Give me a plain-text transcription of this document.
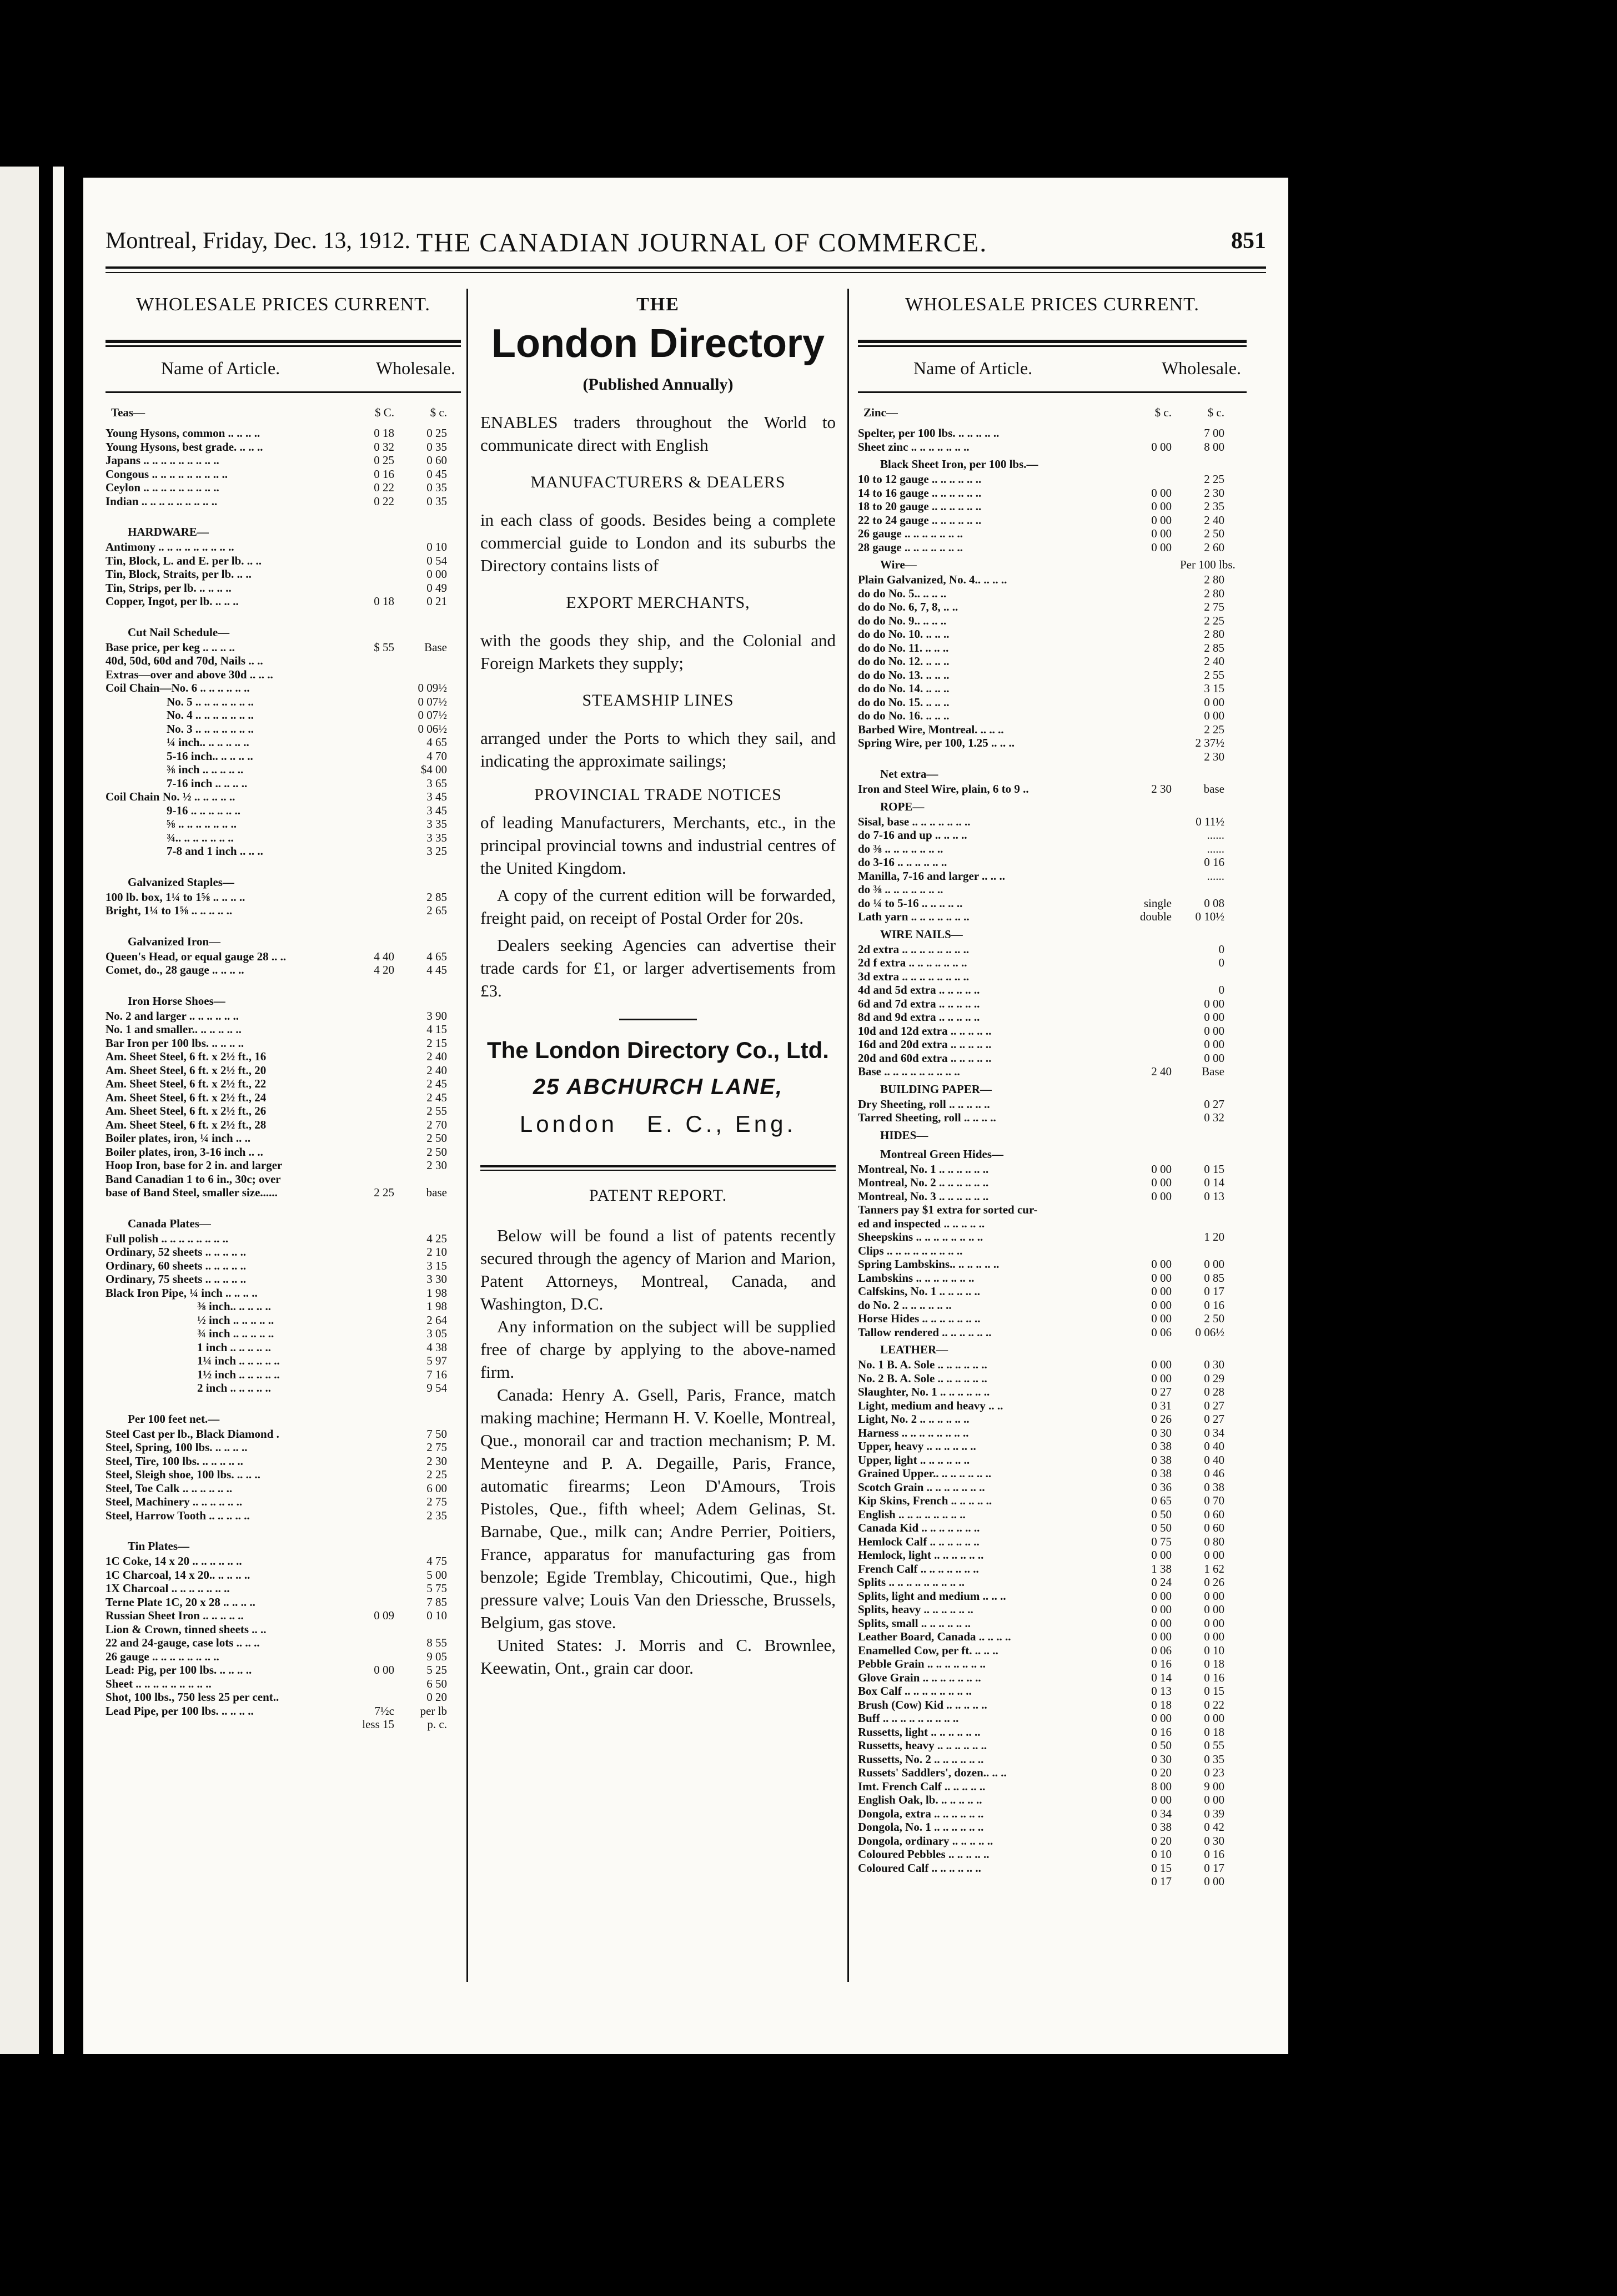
Montreal, Friday, Dec. 13, 1912. THE CANADIAN JOURNAL OF COMMERCE.	851
WHOLESALE PRICES CURRENT.
Name of Article.	Wholesale.
Teas—	$ C.	$ c.
Young Hysons, common .. .. .. ..	0 18	0 25
Young Hysons, best grade. .. .. ..	0 32	0 35
Japans .. .. .. .. .. .. .. .. ..	0 25	0 60
Congous .. .. .. .. .. .. .. .. ..	0 16	0 45
Ceylon .. .. .. .. .. .. .. .. ..	0 22	0 35
Indian .. .. .. .. .. .. .. .. ..	0 22	0 35
HARDWARE—
Antimony .. .. .. .. .. .. .. .. ..	0 10
Tin, Block, L. and E. per lb. .. ..	0 54
Tin, Block, Straits, per lb. .. ..	0 00
Tin, Strips, per lb. .. .. .. ..	0 49
Copper, Ingot, per lb. .. .. ..	0 18	0 21
Cut Nail Schedule—
Base price, per keg .. .. .. ..	$ 55	Base
40d, 50d, 60d and 70d, Nails .. ..
Extras—over and above 30d .. .. ..
Coil Chain—No. 6 .. .. .. .. .. ..	0 09½
No. 5 .. .. .. .. .. .. ..	0 07½
No. 4 .. .. .. .. .. .. ..	0 07½
No. 3 .. .. .. .. .. .. ..	0 06½
¼ inch.. .. .. .. .. ..	4 65
5-16 inch.. .. .. .. ..	4 70
⅜ inch .. .. .. .. ..	$4 00
7-16 inch .. .. .. ..	3 65
Coil Chain No. ½ .. .. .. .. ..	3 45
9-16 .. .. .. .. .. ..	3 45
⅝ .. .. .. .. .. .. ..	3 35
¾.. .. .. .. .. .. ..	3 35
7-8 and 1 inch .. .. ..	3 25
Galvanized Staples—
100 lb. box, 1¼ to 1⅝ .. .. .. ..	2 85
Bright, 1¼ to 1⅝ .. .. .. .. ..	2 65
Galvanized Iron—
Queen's Head, or equal gauge 28 .. ..	4 40	4 65
Comet, do., 28 gauge .. .. .. ..	4 20	4 45
Iron Horse Shoes—
No. 2 and larger .. .. .. .. .. ..	3 90
No. 1 and smaller.. .. .. .. .. ..	4 15
Bar Iron per 100 lbs. .. .. .. ..	2 15
Am. Sheet Steel, 6 ft. x 2½ ft., 16	2 40
Am. Sheet Steel, 6 ft. x 2½ ft., 20	2 40
Am. Sheet Steel, 6 ft. x 2½ ft., 22	2 45
Am. Sheet Steel, 6 ft. x 2½ ft., 24	2 45
Am. Sheet Steel, 6 ft. x 2½ ft., 26	2 55
Am. Sheet Steel, 6 ft. x 2½ ft., 28	2 70
Boiler plates, iron, ¼ inch .. ..	2 50
Boiler plates, iron, 3-16 inch .. ..	2 50
Hoop Iron, base for 2 in. and larger	2 30
Band Canadian 1 to 6 in., 30c; over
base of Band Steel, smaller size......	2 25	base
Canada Plates—
Full polish .. .. .. .. .. .. .. ..	4 25
Ordinary, 52 sheets .. .. .. .. ..	2 10
Ordinary, 60 sheets .. .. .. .. ..	3 15
Ordinary, 75 sheets .. .. .. .. ..	3 30
Black Iron Pipe, ¼ inch .. .. .. ..	1 98
⅜ inch.. .. .. .. ..	1 98
½ inch .. .. .. .. ..	2 64
¾ inch .. .. .. .. ..	3 05
1 inch .. .. .. .. ..	4 38
1¼ inch .. .. .. .. ..	5 97
1½ inch .. .. .. .. ..	7 16
2 inch .. .. .. .. ..	9 54
Per 100 feet net.—
Steel Cast per lb., Black Diamond .	7 50
Steel, Spring, 100 lbs. .. .. .. ..	2 75
Steel, Tire, 100 lbs. .. .. .. .. ..	2 30
Steel, Sleigh shoe, 100 lbs. .. .. ..	2 25
Steel, Toe Calk .. .. .. .. .. ..	6 00
Steel, Machinery .. .. .. .. .. ..	2 75
Steel, Harrow Tooth .. .. .. .. ..	2 35
Tin Plates—
1C Coke, 14 x 20 .. .. .. .. .. ..	4 75
1C Charcoal, 14 x 20.. .. .. .. ..	5 00
1X Charcoal .. .. .. .. .. .. ..	5 75
Terne Plate 1C, 20 x 28 .. .. .. ..	7 85
Russian Sheet Iron .. .. .. .. ..	0 09	0 10
Lion & Crown, tinned sheets .. ..
22 and 24-gauge, case lots .. .. ..	8 55
26 gauge .. .. .. .. .. .. .. ..	9 05
Lead: Pig, per 100 lbs. .. .. .. ..	0 00	5 25
Sheet .. .. .. .. .. .. .. .. ..	6 50
Shot, 100 lbs., 750 less 25 per cent..	0 20
Lead Pipe, per 100 lbs. .. .. .. ..	7½c	per lb
less 15	p. c.
THE
London Directory
(Published Annually)

ENABLES traders throughout the World to communicate direct with English

MANUFACTURERS & DEALERS

in each class of goods. Besides being a complete commercial guide to London and its suburbs the Directory contains lists of

EXPORT MERCHANTS,

with the goods they ship, and the Colonial and Foreign Markets they supply;

STEAMSHIP LINES

arranged under the Ports to which they sail, and indicating the approximate sailings;

PROVINCIAL TRADE NOTICES

of leading Manufacturers, Merchants, etc., in the principal provincial towns and industrial centres of the United Kingdom.

A copy of the current edition will be forwarded, freight paid, on receipt of Postal Order for 20s.

Dealers seeking Agencies can advertise their trade cards for £1, or larger advertisements from £3.

The London Directory Co., Ltd.
25 ABCHURCH LANE,
London   E. C., Eng.
PATENT REPORT.

Below will be found a list of patents recently secured through the agency of Marion and Marion, Patent Attorneys, Montreal, Canada, and Washington, D.C.

Any information on the subject will be supplied free of charge by applying to the above-named firm.

Canada: Henry A. Gsell, Paris, France, match making machine; Hermann H. V. Koelle, Montreal, Que., monorail car and traction mechanism; P. M. Menteyne and P. A. Degaille, Paris, France, automatic firearms; Leon D'Amours, Trois Pistoles, Que., fifth wheel; Adem Gelinas, St. Barnabe, Que., milk can; Andre Perrier, Poitiers, France, apparatus for manufacturing gas from benzole; Egide Tremblay, Chicoutimi, Que., high pressure valve; Louis Van den Driessche, Brussels, Belgium, gas stove.

United States: J. Morris and C. Brownlee, Keewatin, Ont., grain car door.

WHOLESALE PRICES CURRENT.
Name of Article.	Wholesale.
Zinc—	$ c.	$ c.
Spelter, per 100 lbs. .. .. .. .. ..	7 00
Sheet zinc .. .. .. .. .. .. ..	0 00	8 00
Black Sheet Iron, per 100 lbs.—
10 to 12 gauge .. .. .. .. .. ..	2 25
14 to 16 gauge .. .. .. .. .. ..	0 00	2 30
18 to 20 gauge .. .. .. .. .. ..	0 00	2 35
22 to 24 gauge .. .. .. .. .. ..	0 00	2 40
26 gauge .. .. .. .. .. .. ..	0 00	2 50
28 gauge .. .. .. .. .. .. ..	0 00	2 60
Wire—	Per 100 lbs.
Plain Galvanized, No. 4.. .. .. ..	2 80
do do No. 5.. .. .. ..	2 80
do do No. 6, 7, 8, .. ..	2 75
do do No. 9.. .. .. ..	2 25
do do No. 10. .. .. ..	2 80
do do No. 11. .. .. ..	2 85
do do No. 12. .. .. ..	2 40
do do No. 13. .. .. ..	2 55
do do No. 14. .. .. ..	3 15
do do No. 15. .. .. ..	0 00
do do No. 16. .. .. ..	0 00
Barbed Wire, Montreal. .. .. ..	2 25
Spring Wire, per 100, 1.25 .. .. ..	2 37½
2 30
Net extra—
Iron and Steel Wire, plain, 6 to 9 ..	2 30	base
ROPE—
Sisal, base .. .. .. .. .. .. ..	0 11½
do 7-16 and up .. .. .. ..	......
do ⅜ .. .. .. .. .. .. ..	......
do 3-16 .. .. .. .. .. ..	0 16
Manilla, 7-16 and larger .. .. ..	......
do ⅜ .. .. .. .. .. .. ..
do ¼ to 5-16 .. .. .. .. ..	single	0 08
Lath yarn .. .. .. .. .. .. ..	double	0 10½
WIRE NAILS—
2d extra .. .. .. .. .. .. .. ..	0
2d f extra .. .. .. .. .. .. ..	0
3d extra .. .. .. .. .. .. .. ..
4d and 5d extra .. .. .. .. ..	0
6d and 7d extra .. .. .. .. ..	0 00
8d and 9d extra .. .. .. .. ..	0 00
10d and 12d extra .. .. .. .. ..	0 00
16d and 20d extra .. .. .. .. ..	0 00
20d and 60d extra .. .. .. .. ..	0 00
Base .. .. .. .. .. .. .. .. ..	2 40	Base
BUILDING PAPER—
Dry Sheeting, roll .. .. .. .. ..	0 27
Tarred Sheeting, roll .. .. .. ..	0 32
HIDES—
Montreal Green Hides—
Montreal, No. 1 .. .. .. .. .. ..	0 00	0 15
Montreal, No. 2 .. .. .. .. .. ..	0 00	0 14
Montreal, No. 3 .. .. .. .. .. ..	0 00	0 13
Tanners pay $1 extra for sorted cur-
ed and inspected .. .. .. .. ..
Sheepskins .. .. .. .. .. .. .. ..	1 20
Clips .. .. .. .. .. .. .. .. ..
Spring Lambskins.. .. .. .. .. ..	0 00	0 00
Lambskins .. .. .. .. .. .. ..	0 00	0 85
Calfskins, No. 1 .. .. .. .. ..	0 00	0 17
do No. 2 .. .. .. .. .. ..	0 00	0 16
Horse Hides .. .. .. .. .. .. ..	0 00	2 50
Tallow rendered .. .. .. .. .. ..	0 06	0 06½
LEATHER—
No. 1 B. A. Sole .. .. .. .. .. ..	0 00	0 30
No. 2 B. A. Sole .. .. .. .. .. ..	0 00	0 29
Slaughter, No. 1 .. .. .. .. .. ..	0 27	0 28
Light, medium and heavy .. ..	0 31	0 27
Light, No. 2 .. .. .. .. .. ..	0 26	0 27
Harness .. .. .. .. .. .. .. ..	0 30	0 34
Upper, heavy .. .. .. .. .. ..	0 38	0 40
Upper, light .. .. .. .. .. ..	0 38	0 40
Grained Upper.. .. .. .. .. .. ..	0 38	0 46
Scotch Grain .. .. .. .. .. .. ..	0 36	0 38
Kip Skins, French .. .. .. .. ..	0 65	0 70
English .. .. .. .. .. .. .. ..	0 50	0 60
Canada Kid .. .. .. .. .. .. ..	0 50	0 60
Hemlock Calf .. .. .. .. .. ..	0 75	0 80
Hemlock, light .. .. .. .. .. ..	0 00	0 00
French Calf .. .. .. .. .. .. ..	1 38	1 62
Splits .. .. .. .. .. .. .. .. ..	0 24	0 26
Splits, light and medium .. .. ..	0 00	0 00
Splits, heavy .. .. .. .. .. ..	0 00	0 00
Splits, small .. .. .. .. .. ..	0 00	0 00
Leather Board, Canada .. .. .. ..	0 00	0 00
Enamelled Cow, per ft. .. .. ..	0 06	0 10
Pebble Grain .. .. .. .. .. .. ..	0 16	0 18
Glove Grain .. .. .. .. .. .. ..	0 14	0 16
Box Calf .. .. .. .. .. .. .. ..	0 13	0 15
Brush (Cow) Kid .. .. .. .. ..	0 18	0 22
Buff .. .. .. .. .. .. .. .. ..	0 00	0 00
Russetts, light .. .. .. .. .. ..	0 16	0 18
Russetts, heavy .. .. .. .. .. ..	0 50	0 55
Russetts, No. 2 .. .. .. .. .. ..	0 30	0 35
Russets' Saddlers', dozen.. .. ..	0 20	0 23
Imt. French Calf .. .. .. .. ..	8 00	9 00
English Oak, lb. .. .. .. .. ..	0 00	0 00
Dongola, extra .. .. .. .. .. ..	0 34	0 39
Dongola, No. 1 .. .. .. .. .. ..	0 38	0 42
Dongola, ordinary .. .. .. .. ..	0 20	0 30
Coloured Pebbles .. .. .. .. ..	0 10	0 16
Coloured Calf .. .. .. .. .. ..	0 15	0 17
0 17	0 00
